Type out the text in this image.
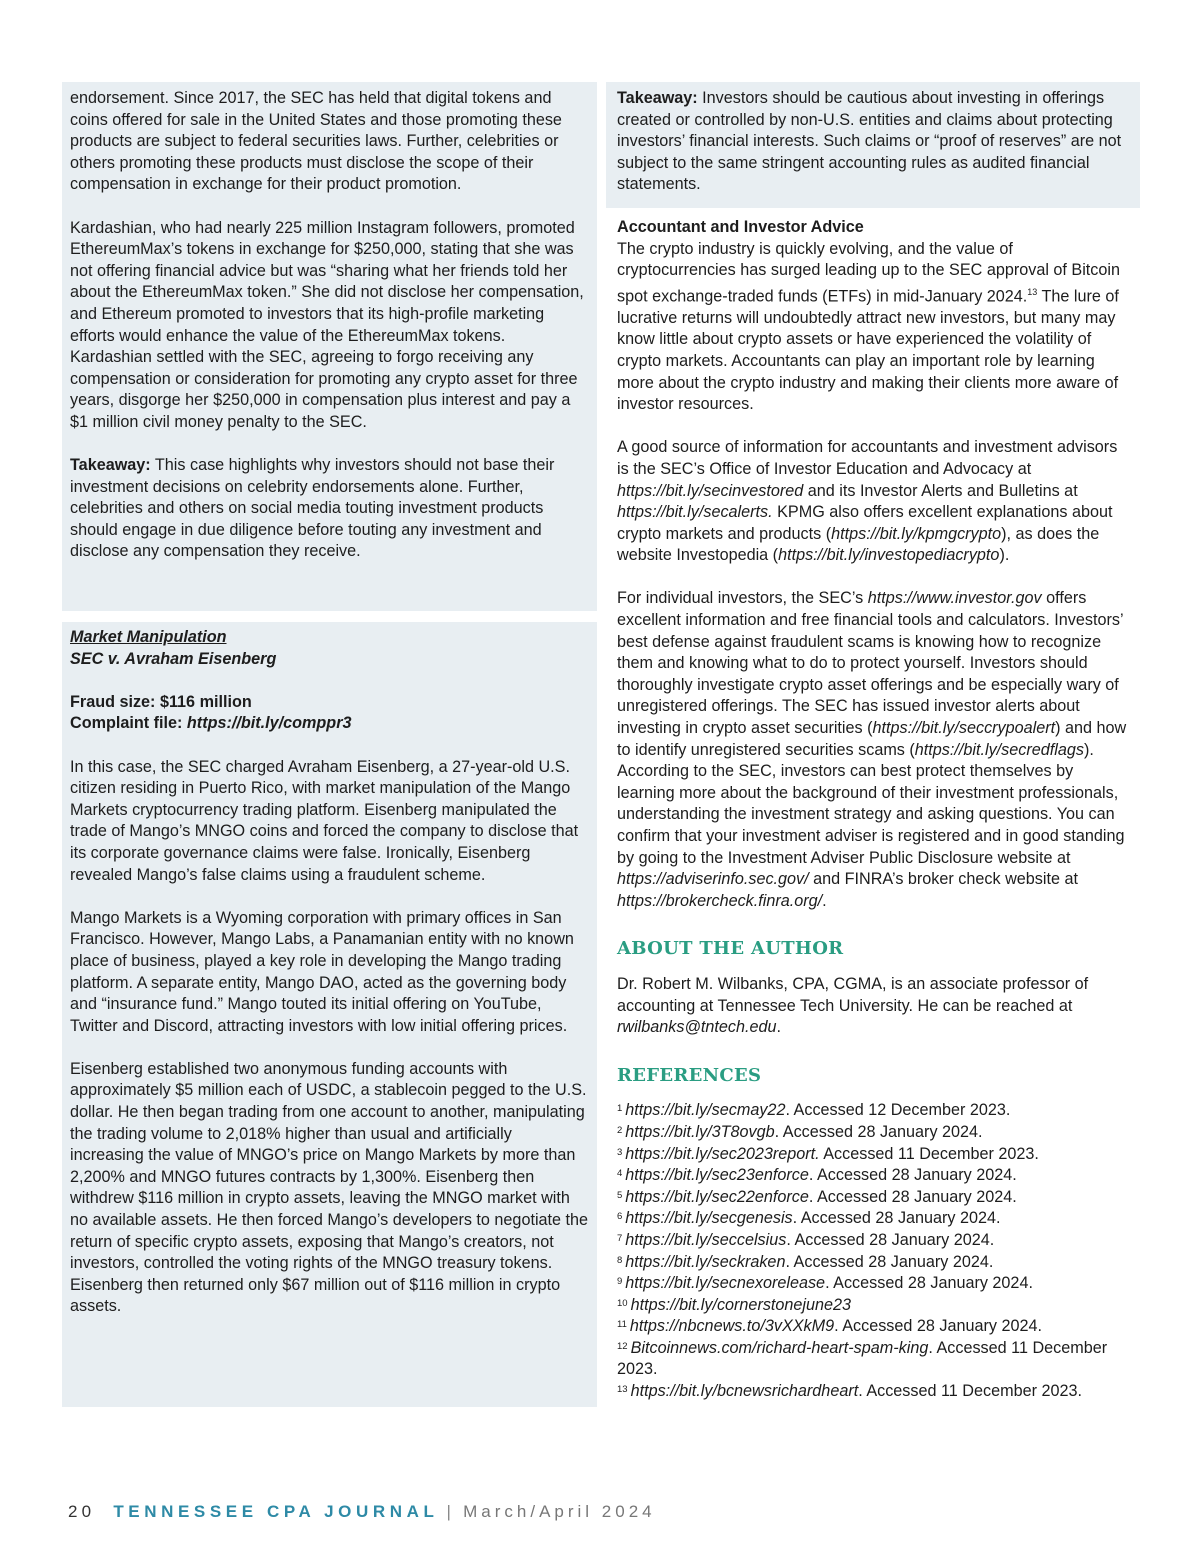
endorsement. Since 2017, the SEC has held that digital tokens and coins offered for sale in the United States and those promoting these products are subject to federal securities laws. Further, celebrities or others promoting these products must disclose the scope of their compensation in exchange for their product promotion.

Kardashian, who had nearly 225 million Instagram followers, promoted EthereumMax’s tokens in exchange for $250,000, stating that she was not offering financial advice but was “sharing what her friends told her about the EthereumMax token.” She did not disclose her compensation, and Ethereum promoted to investors that its high-profile marketing efforts would enhance the value of the EthereumMax tokens. Kardashian settled with the SEC, agreeing to forgo receiving any compensation or consideration for promoting any crypto asset for three years, disgorge her $250,000 in compensation plus interest and pay a $1 million civil money penalty to the SEC.

Takeaway: This case highlights why investors should not base their investment decisions on celebrity endorsements alone. Further, celebrities and others on social media touting investment products should engage in due diligence before touting any investment and disclose any compensation they receive.

Market Manipulation
SEC v. Avraham Eisenberg

Fraud size: $116 million
Complaint file: https://bit.ly/comppr3

In this case, the SEC charged Avraham Eisenberg, a 27-year-old U.S. citizen residing in Puerto Rico, with market manipulation of the Mango Markets cryptocurrency trading platform. Eisenberg manipulated the trade of Mango’s MNGO coins and forced the company to disclose that its corporate governance claims were false. Ironically, Eisenberg revealed Mango’s false claims using a fraudulent scheme.

Mango Markets is a Wyoming corporation with primary offices in San Francisco. However, Mango Labs, a Panamanian entity with no known place of business, played a key role in developing the Mango trading platform. A separate entity, Mango DAO, acted as the governing body and “insurance fund.” Mango touted its initial offering on YouTube, Twitter and Discord, attracting investors with low initial offering prices.

Eisenberg established two anonymous funding accounts with approximately $5 million each of USDC, a stablecoin pegged to the U.S. dollar. He then began trading from one account to another, manipulating the trading volume to 2,018% higher than usual and artificially increasing the value of MNGO’s price on Mango Markets by more than 2,200% and MNGO futures contracts by 1,300%. Eisenberg then withdrew $116 million in crypto assets, leaving the MNGO market with no available assets. He then forced Mango’s developers to negotiate the return of specific crypto assets, exposing that Mango’s creators, not investors, controlled the voting rights of the MNGO treasury tokens. Eisenberg then returned only $67 million out of $116 million in crypto assets.

Takeaway: Investors should be cautious about investing in offerings created or controlled by non-U.S. entities and claims about protecting investors’ financial interests. Such claims or “proof of reserves” are not subject to the same stringent accounting rules as audited financial statements.

Accountant and Investor Advice
The crypto industry is quickly evolving, and the value of cryptocurrencies has surged leading up to the SEC approval of Bitcoin spot exchange-traded funds (ETFs) in mid-January 2024.13 The lure of lucrative returns will undoubtedly attract new investors, but many may know little about crypto assets or have experienced the volatility of crypto markets. Accountants can play an important role by learning more about the crypto industry and making their clients more aware of investor resources.

A good source of information for accountants and investment advisors is the SEC’s Office of Investor Education and Advocacy at https://bit.ly/secinvestored and its Investor Alerts and Bulletins at https://bit.ly/secalerts. KPMG also offers excellent explanations about crypto markets and products (https://bit.ly/kpmgcrypto), as does the website Investopedia (https://bit.ly/investopediacrypto).

For individual investors, the SEC’s https://www.investor.gov offers excellent information and free financial tools and calculators. Investors’ best defense against fraudulent scams is knowing how to recognize them and knowing what to do to protect yourself. Investors should thoroughly investigate crypto asset offerings and be especially wary of unregistered offerings. The SEC has issued investor alerts about investing in crypto asset securities (https://bit.ly/seccrypoalert) and how to identify unregistered securities scams (https://bit.ly/secredflags). According to the SEC, investors can best protect themselves by learning more about the background of their investment professionals, understanding the investment strategy and asking questions. You can confirm that your investment adviser is registered and in good standing by going to the Investment Adviser Public Disclosure website at https://adviserinfo.sec.gov/ and FINRA’s broker check website at https://brokercheck.finra.org/.

ABOUT THE AUTHOR

Dr. Robert M. Wilbanks, CPA, CGMA, is an associate professor of accounting at Tennessee Tech University. He can be reached at rwilbanks@tntech.edu.

REFERENCES
$^1$ https://bit.ly/secmay22. Accessed 12 December 2023.
$^2$ https://bit.ly/3T8ovgb. Accessed 28 January 2024.
$^3$ https://bit.ly/sec2023report. Accessed 11 December 2023.
$^4$ https://bit.ly/sec23enforce. Accessed 28 January 2024.
$^5$ https://bit.ly/sec22enforce. Accessed 28 January 2024.
$^6$ https://bit.ly/secgenesis. Accessed 28 January 2024.
$^7$ https://bit.ly/seccelsius. Accessed 28 January 2024.
$^8$ https://bit.ly/seckraken. Accessed 28 January 2024.
$^9$ https://bit.ly/secnexorelease. Accessed 28 January 2024.
$^{10}$ https://bit.ly/cornerstonejune23
$^{11}$ https://nbcnews.to/3vXXkM9. Accessed 28 January 2024.
$^{12}$ Bitcoinnews.com/richard-heart-spam-king. Accessed 11 December 2023.
$^{13}$ https://bit.ly/bcnewsrichardheart. Accessed 11 December 2023.
20 TENNESSEE CPA JOURNAL | March/April 2024
